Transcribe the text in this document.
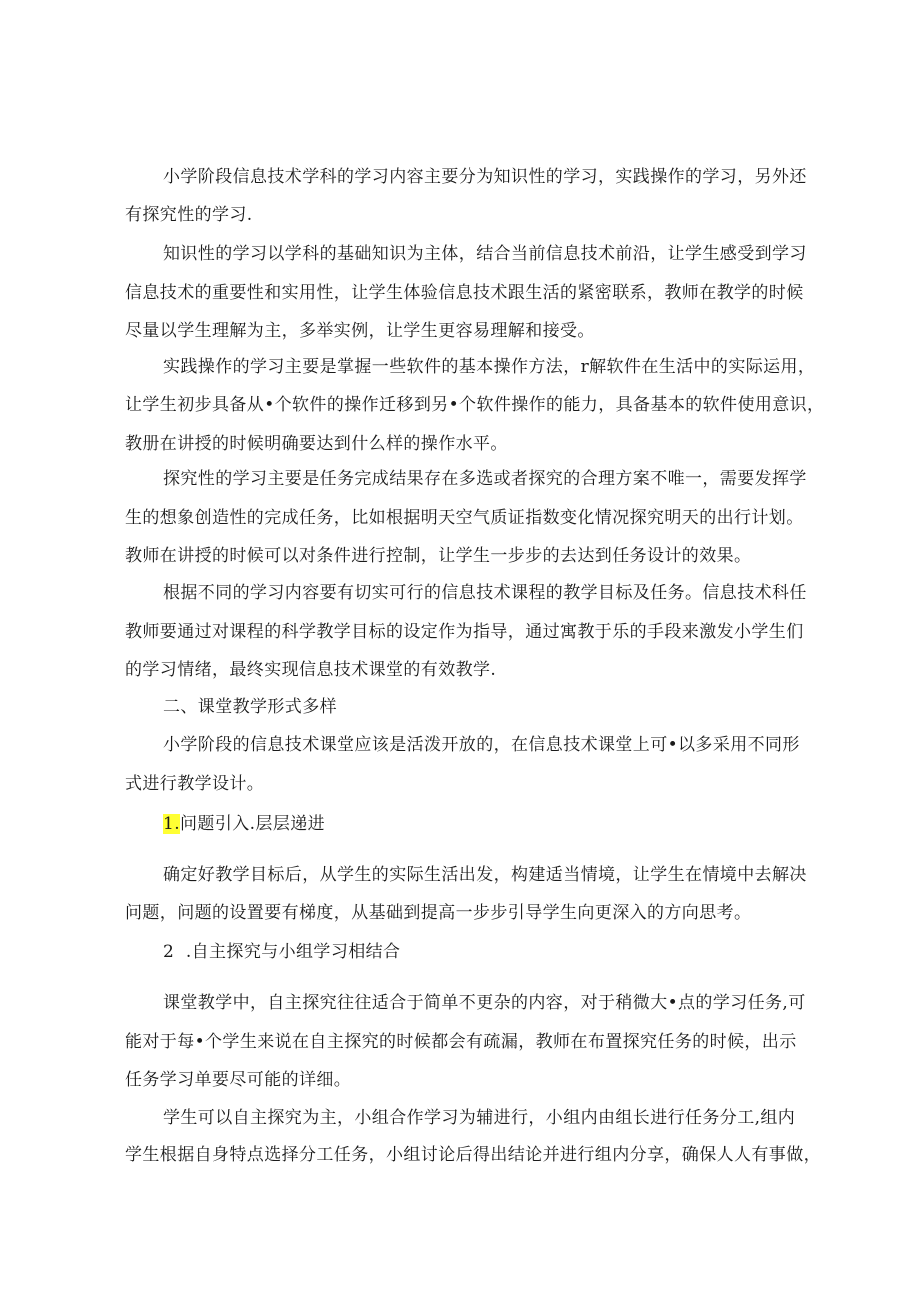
小学阶段信息技术学科的学习内容主要分为知识性的学习，实践操作的学习，另外还
有探究性的学习.
知识性的学习以学科的基础知识为主体，结合当前信息技术前沿，让学生感受到学习
信息技术的重要性和实用性，让学生体验信息技术跟生活的紧密联系，教师在教学的时候
尽量以学生理解为主，多举实例，让学生更容易理解和接受。
实践操作的学习主要是掌握一些软件的基本操作方法，r解软件在生活中的实际运用，
让学生初步具备从•个软件的操作迁移到另•个软件操作的能力，具备基本的软件使用意识，
教册在讲授的时候明确要达到什么样的操作水平。
探究性的学习主要是任务完成结果存在多选或者探究的合理方案不唯一，需要发挥学
生的想象创造性的完成任务，比如根据明天空气质证指数变化情况探究明天的出行计划。
教师在讲授的时候可以对条件进行控制，让学生一步步的去达到任务设计的效果。
根据不同的学习内容要有切实可行的信息技术课程的教学目标及任务。信息技术科任
教师要通过对课程的科学教学目标的设定作为指导，通过寓教于乐的手段来激发小学生们
的学习情绪，最终实现信息技术课堂的有效教学.
二、课堂教学形式多样
小学阶段的信息技术课堂应该是活泼开放的，在信息技术课堂上可•以多采用不同形
式进行教学设计。
1.问题引入.层层递进
确定好教学目标后，从学生的实际生活出发，构建适当情境，让学生在情境中去解决
问题，问题的设置要有梯度，从基础到提高一步步引导学生向更深入的方向思考。
2  .自主探究与小组学习相结合
课堂教学中，自主探究往往适合于简单不更杂的内容，对于稍微大•点的学习任务,可
能对于每•个学生来说在自主探究的时候都会有疏漏，教师在布置探究任务的时候，出示
任务学习单要尽可能的详细。
学生可以自主探究为主，小组合作学习为辅进行，小组内由组长进行任务分工,组内
学生根据自身特点选择分工任务，小组讨论后得出结论并进行组内分享，确保人人有事做，
